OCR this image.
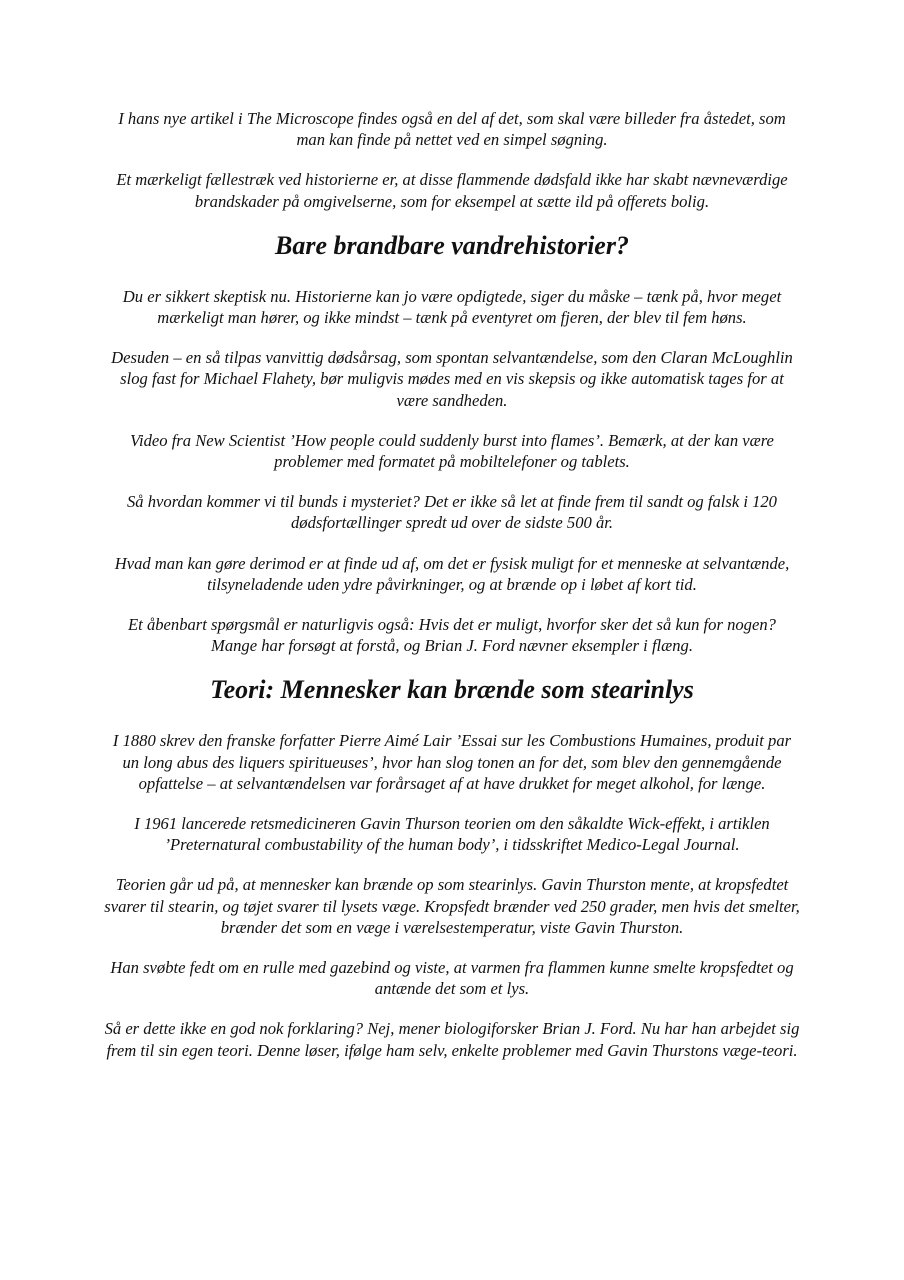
I hans nye artikel i The Microscope findes også en del af det, som skal være billeder fra åstedet, som man kan finde på nettet ved en simpel søgning.

Et mærkeligt fællestræk ved historierne er, at disse flammende dødsfald ikke har skabt nævneværdige brandskader på omgivelserne, som for eksempel at sætte ild på offerets bolig.

Bare brandbare vandrehistorier?

Du er sikkert skeptisk nu. Historierne kan jo være opdigtede, siger du måske – tænk på, hvor meget mærkeligt man hører, og ikke mindst – tænk på eventyret om fjeren, der blev til fem høns.

Desuden – en så tilpas vanvittig dødsårsag, som spontan selvantændelse, som den Claran McLoughlin slog fast for Michael Flahety, bør muligvis mødes med en vis skepsis og ikke automatisk tages for at være sandheden.

Video fra New Scientist ’How people could suddenly burst into flames’. Bemærk, at der kan være problemer med formatet på mobiltelefoner og tablets.

Så hvordan kommer vi til bunds i mysteriet? Det er ikke så let at finde frem til sandt og falsk i 120 dødsfortællinger spredt ud over de sidste 500 år.

Hvad man kan gøre derimod er at finde ud af, om det er fysisk muligt for et menneske at selvantænde, tilsyneladende uden ydre påvirkninger, og at brænde op i løbet af kort tid.

Et åbenbart spørgsmål er naturligvis også: Hvis det er muligt, hvorfor sker det så kun for nogen? Mange har forsøgt at forstå, og Brian J. Ford nævner eksempler i flæng.

Teori: Mennesker kan brænde som stearinlys

I 1880 skrev den franske forfatter Pierre Aimé Lair ’Essai sur les Combustions Humaines, produit par un long abus des liquers spiritueuses’, hvor han slog tonen an for det, som blev den gennemgående opfattelse – at selvantændelsen var forårsaget af at have drukket for meget alkohol, for længe.

I 1961 lancerede retsmedicineren Gavin Thurson teorien om den såkaldte Wick-effekt, i artiklen ’Preternatural combustability of the human body’, i tidsskriftet Medico-Legal Journal.

Teorien går ud på, at mennesker kan brænde op som stearinlys. Gavin Thurston mente, at kropsfedtet svarer til stearin, og tøjet svarer til lysets væge. Kropsfedt brænder ved 250 grader, men hvis det smelter, brænder det som en væge i værelsestemperatur, viste Gavin Thurston.

Han svøbte fedt om en rulle med gazebind og viste, at varmen fra flammen kunne smelte kropsfedtet og antænde det som et lys.

Så er dette ikke en god nok forklaring? Nej, mener biologiforsker Brian J. Ford. Nu har han arbejdet sig frem til sin egen teori. Denne løser, ifølge ham selv, enkelte problemer med Gavin Thurstons væge-teori.
